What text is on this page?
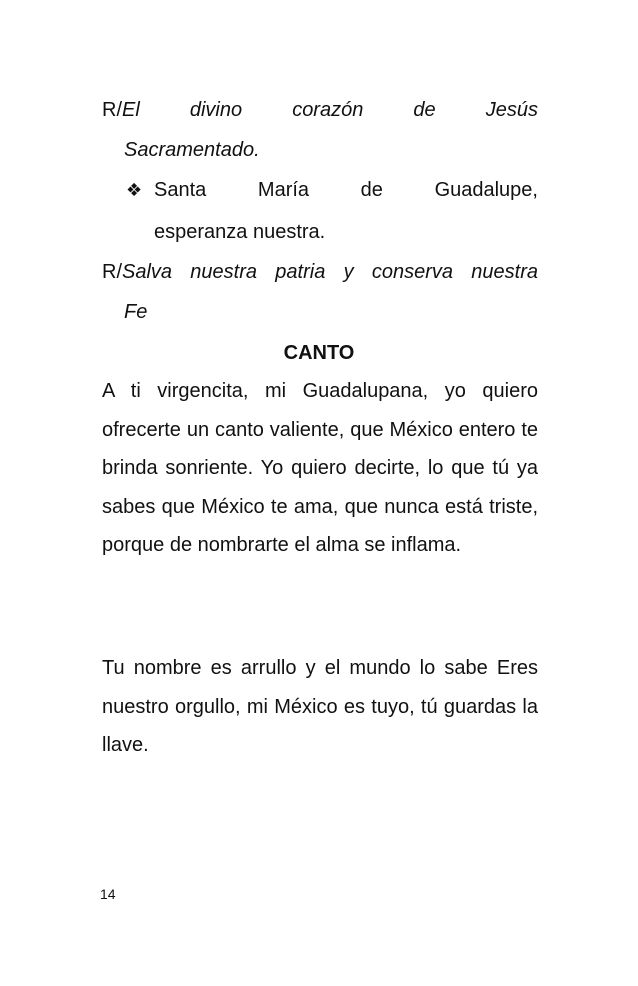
R/El	divino	corazón	de	Jesús
Sacramentado.
❖ Santa	María	de	Guadalupe,
esperanza nuestra.
R/Salva nuestra patria y conserva nuestra
Fe
CANTO
A ti virgencita, mi Guadalupana, yo quiero ofrecerte un canto valiente, que México entero te brinda sonriente. Yo quiero decirte, lo que tú ya sabes que México te ama, que nunca está triste, porque de nombrarte el alma se inflama.
Tu nombre es arrullo y el mundo lo sabe Eres nuestro orgullo, mi México es tuyo, tú guardas la llave.
14
